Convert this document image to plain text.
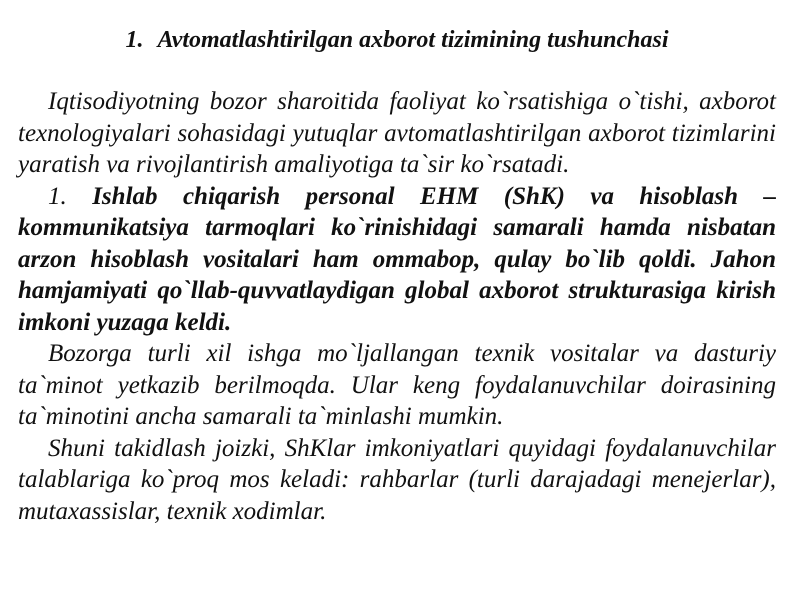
1. Avtomatlashtirilgan axborot tizimining tushunchasi

Iqtisodiyotning bozor sharoitida faoliyat ko`rsatishiga o`tishi, axborot texnologiyalari sohasidagi yutuqlar avtomatlashtirilgan axborot tizimlarini yaratish va rivojlantirish amaliyotiga ta`sir ko`rsatadi.

1. Ishlab chiqarish personal EHM (ShK) va hisoblash – kommunikatsiya tarmoqlari ko`rinishidagi samarali hamda nisbatan arzon hisoblash vositalari ham ommabop, qulay bo`lib qoldi. Jahon hamjamiyati qo`llab-quvvatlaydigan global axborot strukturasiga kirish imkoni yuzaga keldi.

Bozorga turli xil ishga mo`ljallangan texnik vositalar va dasturiy ta`minot yetkazib berilmoqda. Ular keng foydalanuvchilar doirasining ta`minotini ancha samarali ta`minlashi mumkin.

Shuni takidlash joizki, ShKlar imkoniyatlari quyidagi foydalanuvchilar talablariga ko`proq mos keladi: rahbarlar (turli darajadagi menejerlar), mutaxassislar, texnik xodimlar.
